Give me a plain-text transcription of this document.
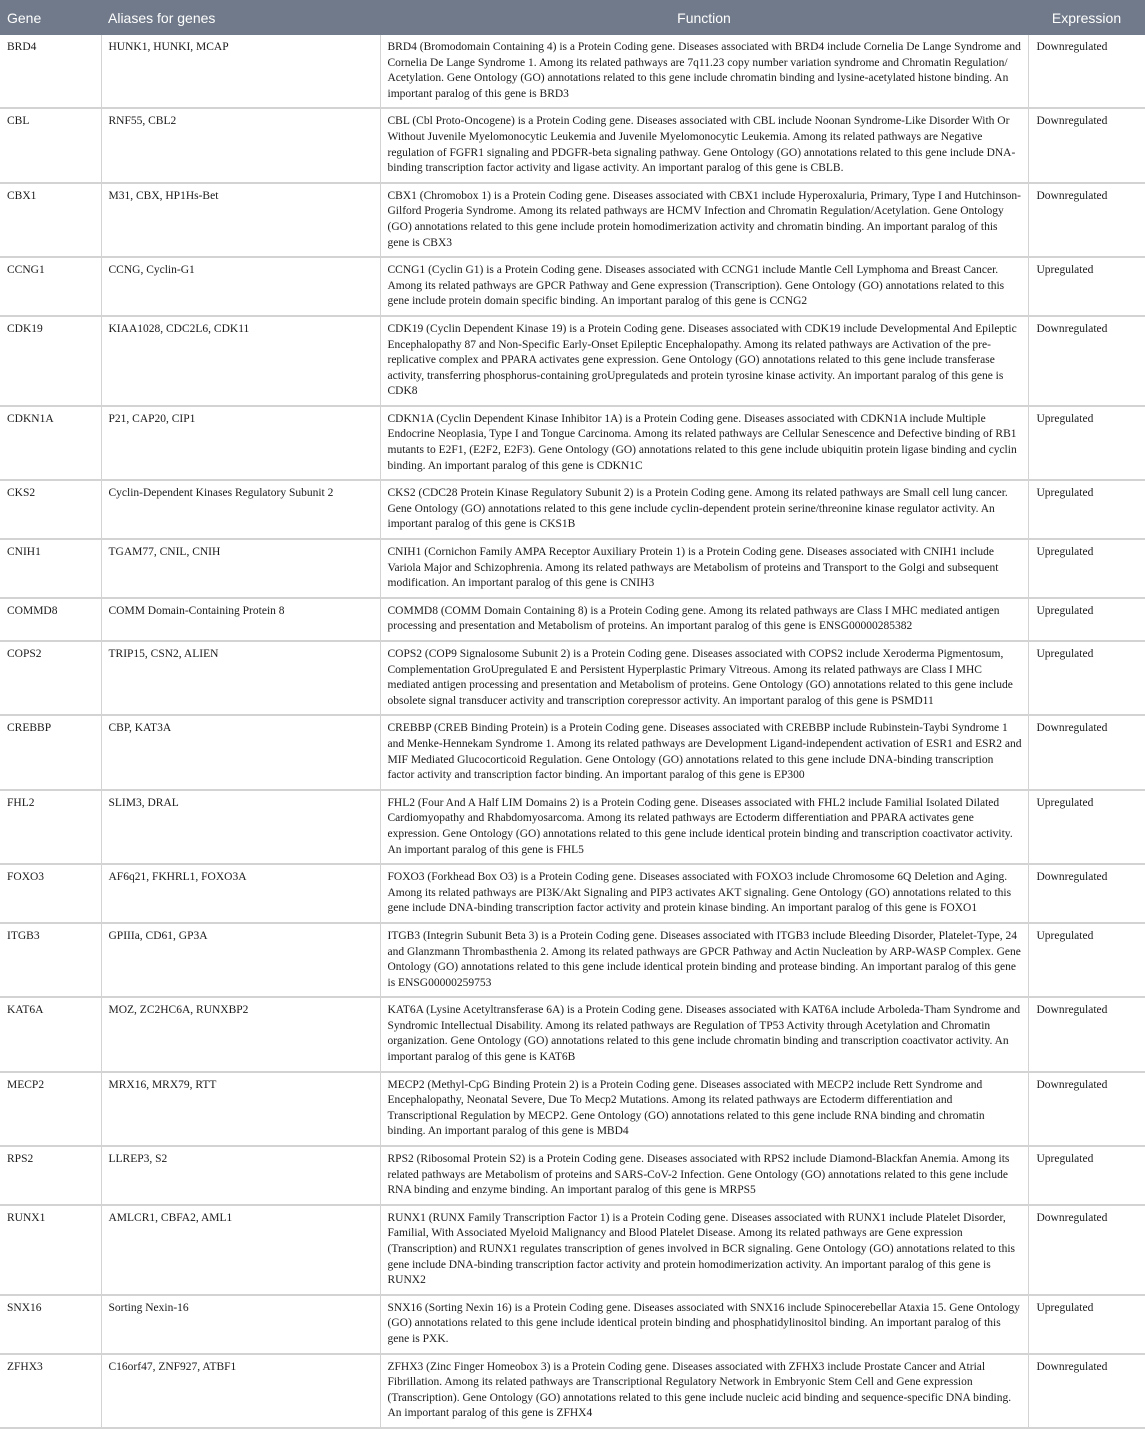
Gene	Aliases for genes	Function	Expression
BRD4	HUNK1, HUNKI, MCAP	BRD4 (Bromodomain Containing 4) is a Protein Coding gene. Diseases associated with BRD4 include Cornelia De Lange Syndrome and Cornelia De Lange Syndrome 1. Among its related pathways are 7q11.23 copy number variation syndrome and Chromatin Regulation/ Acetylation. Gene Ontology (GO) annotations related to this gene include chromatin binding and lysine-acetylated histone binding. An important paralog of this gene is BRD3	Downregulated
CBL	RNF55, CBL2	CBL (Cbl Proto-Oncogene) is a Protein Coding gene. Diseases associated with CBL include Noonan Syndrome-Like Disorder With Or Without Juvenile Myelomonocytic Leukemia and Juvenile Myelomonocytic Leukemia. Among its related pathways are Negative regulation of FGFR1 signaling and PDGFR-beta signaling pathway. Gene Ontology (GO) annotations related to this gene include DNA-binding transcription factor activity and ligase activity. An important paralog of this gene is CBLB.	Downregulated
CBX1	M31, CBX, HP1Hs-Bet	CBX1 (Chromobox 1) is a Protein Coding gene. Diseases associated with CBX1 include Hyperoxaluria, Primary, Type I and Hutchinson-Gilford Progeria Syndrome. Among its related pathways are HCMV Infection and Chromatin Regulation/Acetylation. Gene Ontology (GO) annotations related to this gene include protein homodimerization activity and chromatin binding. An important paralog of this gene is CBX3	Downregulated
CCNG1	CCNG, Cyclin-G1	CCNG1 (Cyclin G1) is a Protein Coding gene. Diseases associated with CCNG1 include Mantle Cell Lymphoma and Breast Cancer. Among its related pathways are GPCR Pathway and Gene expression (Transcription). Gene Ontology (GO) annotations related to this gene include protein domain specific binding. An important paralog of this gene is CCNG2	Upregulated
CDK19	KIAA1028, CDC2L6, CDK11	CDK19 (Cyclin Dependent Kinase 19) is a Protein Coding gene. Diseases associated with CDK19 include Developmental And Epileptic Encephalopathy 87 and Non-Specific Early-Onset Epileptic Encephalopathy. Among its related pathways are Activation of the pre-replicative complex and PPARA activates gene expression. Gene Ontology (GO) annotations related to this gene include transferase activity, transferring phosphorus-containing groUpregulateds and protein tyrosine kinase activity. An important paralog of this gene is CDK8	Downregulated
CDKN1A	P21, CAP20, CIP1	CDKN1A (Cyclin Dependent Kinase Inhibitor 1A) is a Protein Coding gene. Diseases associated with CDKN1A include Multiple Endocrine Neoplasia, Type I and Tongue Carcinoma. Among its related pathways are Cellular Senescence and Defective binding of RB1 mutants to E2F1, (E2F2, E2F3). Gene Ontology (GO) annotations related to this gene include ubiquitin protein ligase binding and cyclin binding. An important paralog of this gene is CDKN1C	Upregulated
CKS2	Cyclin-Dependent Kinases Regulatory Subunit 2	CKS2 (CDC28 Protein Kinase Regulatory Subunit 2) is a Protein Coding gene. Among its related pathways are Small cell lung cancer. Gene Ontology (GO) annotations related to this gene include cyclin-dependent protein serine/threonine kinase regulator activity. An important paralog of this gene is CKS1B	Upregulated
CNIH1	TGAM77, CNIL, CNIH	CNIH1 (Cornichon Family AMPA Receptor Auxiliary Protein 1) is a Protein Coding gene. Diseases associated with CNIH1 include Variola Major and Schizophrenia. Among its related pathways are Metabolism of proteins and Transport to the Golgi and subsequent modification. An important paralog of this gene is CNIH3	Upregulated
COMMD8	COMM Domain-Containing Protein 8	COMMD8 (COMM Domain Containing 8) is a Protein Coding gene. Among its related pathways are Class I MHC mediated antigen processing and presentation and Metabolism of proteins. An important paralog of this gene is ENSG00000285382	Upregulated
COPS2	TRIP15, CSN2, ALIEN	COPS2 (COP9 Signalosome Subunit 2) is a Protein Coding gene. Diseases associated with COPS2 include Xeroderma Pigmentosum, Complementation GroUpregulated E and Persistent Hyperplastic Primary Vitreous. Among its related pathways are Class I MHC mediated antigen processing and presentation and Metabolism of proteins. Gene Ontology (GO) annotations related to this gene include obsolete signal transducer activity and transcription corepressor activity. An important paralog of this gene is PSMD11	Upregulated
CREBBP	CBP, KAT3A	CREBBP (CREB Binding Protein) is a Protein Coding gene. Diseases associated with CREBBP include Rubinstein-Taybi Syndrome 1 and Menke-Hennekam Syndrome 1. Among its related pathways are Development Ligand-independent activation of ESR1 and ESR2 and MIF Mediated Glucocorticoid Regulation. Gene Ontology (GO) annotations related to this gene include DNA-binding transcription factor activity and transcription factor binding. An important paralog of this gene is EP300	Downregulated
FHL2	SLIM3, DRAL	FHL2 (Four And A Half LIM Domains 2) is a Protein Coding gene. Diseases associated with FHL2 include Familial Isolated Dilated Cardiomyopathy and Rhabdomyosarcoma. Among its related pathways are Ectoderm differentiation and PPARA activates gene expression. Gene Ontology (GO) annotations related to this gene include identical protein binding and transcription coactivator activity. An important paralog of this gene is FHL5	Upregulated
FOXO3	AF6q21, FKHRL1, FOXO3A	FOXO3 (Forkhead Box O3) is a Protein Coding gene. Diseases associated with FOXO3 include Chromosome 6Q Deletion and Aging. Among its related pathways are PI3K/Akt Signaling and PIP3 activates AKT signaling. Gene Ontology (GO) annotations related to this gene include DNA-binding transcription factor activity and protein kinase binding. An important paralog of this gene is FOXO1	Downregulated
ITGB3	GPIIIa, CD61, GP3A	ITGB3 (Integrin Subunit Beta 3) is a Protein Coding gene. Diseases associated with ITGB3 include Bleeding Disorder, Platelet-Type, 24 and Glanzmann Thrombasthenia 2. Among its related pathways are GPCR Pathway and Actin Nucleation by ARP-WASP Complex. Gene Ontology (GO) annotations related to this gene include identical protein binding and protease binding. An important paralog of this gene is ENSG00000259753	Upregulated
KAT6A	MOZ, ZC2HC6A, RUNXBP2	KAT6A (Lysine Acetyltransferase 6A) is a Protein Coding gene. Diseases associated with KAT6A include Arboleda-Tham Syndrome and Syndromic Intellectual Disability. Among its related pathways are Regulation of TP53 Activity through Acetylation and Chromatin organization. Gene Ontology (GO) annotations related to this gene include chromatin binding and transcription coactivator activity. An important paralog of this gene is KAT6B	Downregulated
MECP2	MRX16, MRX79, RTT	MECP2 (Methyl-CpG Binding Protein 2) is a Protein Coding gene. Diseases associated with MECP2 include Rett Syndrome and Encephalopathy, Neonatal Severe, Due To Mecp2 Mutations. Among its related pathways are Ectoderm differentiation and Transcriptional Regulation by MECP2. Gene Ontology (GO) annotations related to this gene include RNA binding and chromatin binding. An important paralog of this gene is MBD4	Downregulated
RPS2	LLREP3, S2	RPS2 (Ribosomal Protein S2) is a Protein Coding gene. Diseases associated with RPS2 include Diamond-Blackfan Anemia. Among its related pathways are Metabolism of proteins and SARS-CoV-2 Infection. Gene Ontology (GO) annotations related to this gene include RNA binding and enzyme binding. An important paralog of this gene is MRPS5	Upregulated
RUNX1	AMLCR1, CBFA2, AML1	RUNX1 (RUNX Family Transcription Factor 1) is a Protein Coding gene. Diseases associated with RUNX1 include Platelet Disorder, Familial, With Associated Myeloid Malignancy and Blood Platelet Disease. Among its related pathways are Gene expression (Transcription) and RUNX1 regulates transcription of genes involved in BCR signaling. Gene Ontology (GO) annotations related to this gene include DNA-binding transcription factor activity and protein homodimerization activity. An important paralog of this gene is RUNX2	Downregulated
SNX16	Sorting Nexin-16	SNX16 (Sorting Nexin 16) is a Protein Coding gene. Diseases associated with SNX16 include Spinocerebellar Ataxia 15. Gene Ontology (GO) annotations related to this gene include identical protein binding and phosphatidylinositol binding. An important paralog of this gene is PXK.	Upregulated
ZFHX3	C16orf47, ZNF927, ATBF1	ZFHX3 (Zinc Finger Homeobox 3) is a Protein Coding gene. Diseases associated with ZFHX3 include Prostate Cancer and Atrial Fibrillation. Among its related pathways are Transcriptional Regulatory Network in Embryonic Stem Cell and Gene expression (Transcription). Gene Ontology (GO) annotations related to this gene include nucleic acid binding and sequence-specific DNA binding. An important paralog of this gene is ZFHX4	Downregulated
